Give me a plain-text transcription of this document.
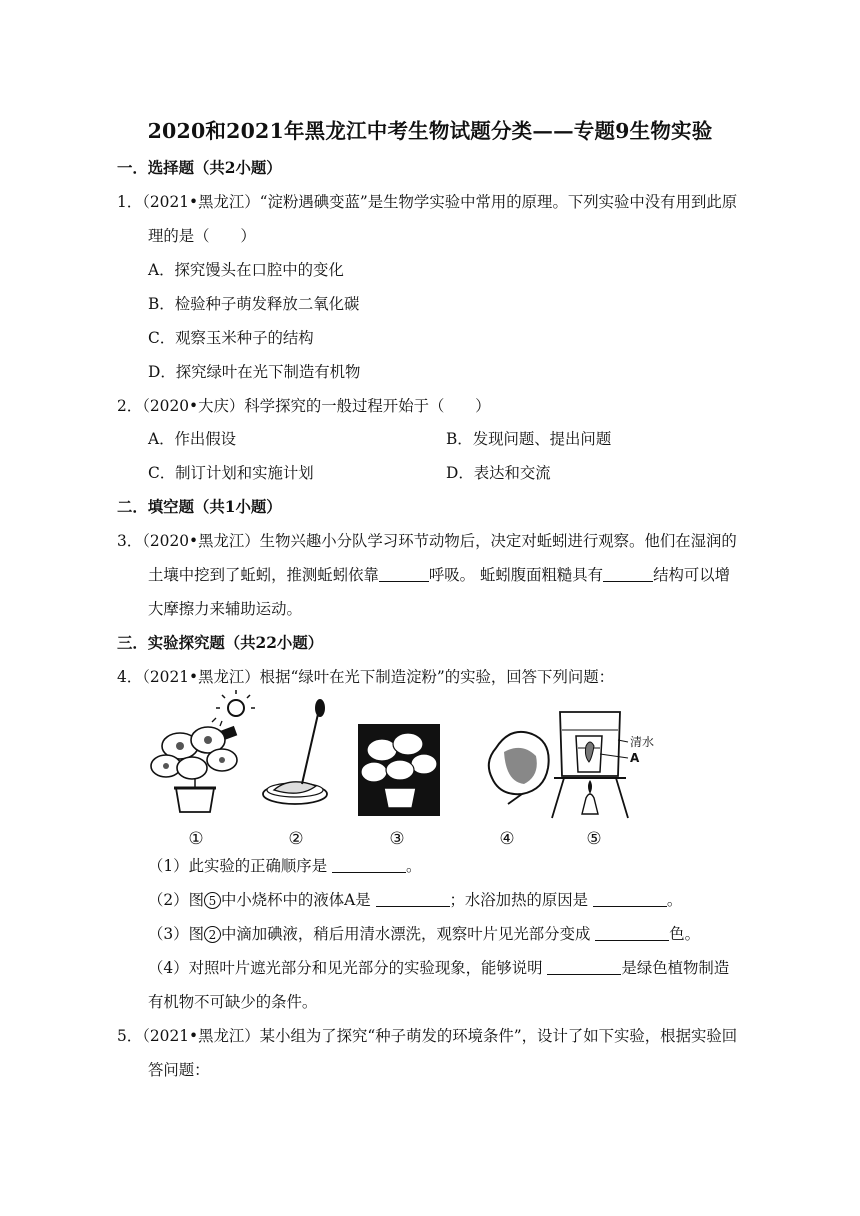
2020和2021年黑龙江中考生物试题分类——专题9生物实验
一．选择题（共2小题）
1．（2021•黑龙江）“淀粉遇碘变蓝”是生物学实验中常用的原理。下列实验中没有用到此原
理的是（　　）
A．探究馒头在口腔中的变化
B．检验种子萌发释放二氧化碳
C．观察玉米种子的结构
D．探究绿叶在光下制造有机物
2．（2020•大庆）科学探究的一般过程开始于（　　）
A．作出假设	B．发现问题、提出问题
C．制订计划和实施计划	D．表达和交流
二．填空题（共1小题）
3．（2020•黑龙江）生物兴趣小分队学习环节动物后，决定对蚯蚓进行观察。他们在湿润的
土壤中挖到了蚯蚓，推测蚯蚓依靠	呼吸。 蚯蚓腹面粗糙具有	结构可以增
大摩擦力来辅助运动。
三．实验探究题（共22小题）
4．（2021•黑龙江）根据“绿叶在光下制造淀粉”的实验，回答下列问题：
清水
A
①	②	③	④	⑤
（1）此实验的正确顺序是	。
（2）图 5 中小烧杯中的液体A是	；水浴加热的原因是	。
（3）图 2 中滴加碘液，稍后用清水漂洗，观察叶片见光部分变成	色。
（4）对照叶片遮光部分和见光部分的实验现象，能够说明	是绿色植物制造
有机物不可缺少的条件。
5．（2021•黑龙江）某小组为了探究“种子萌发的环境条件”，设计了如下实验，根据实验回
答问题：
